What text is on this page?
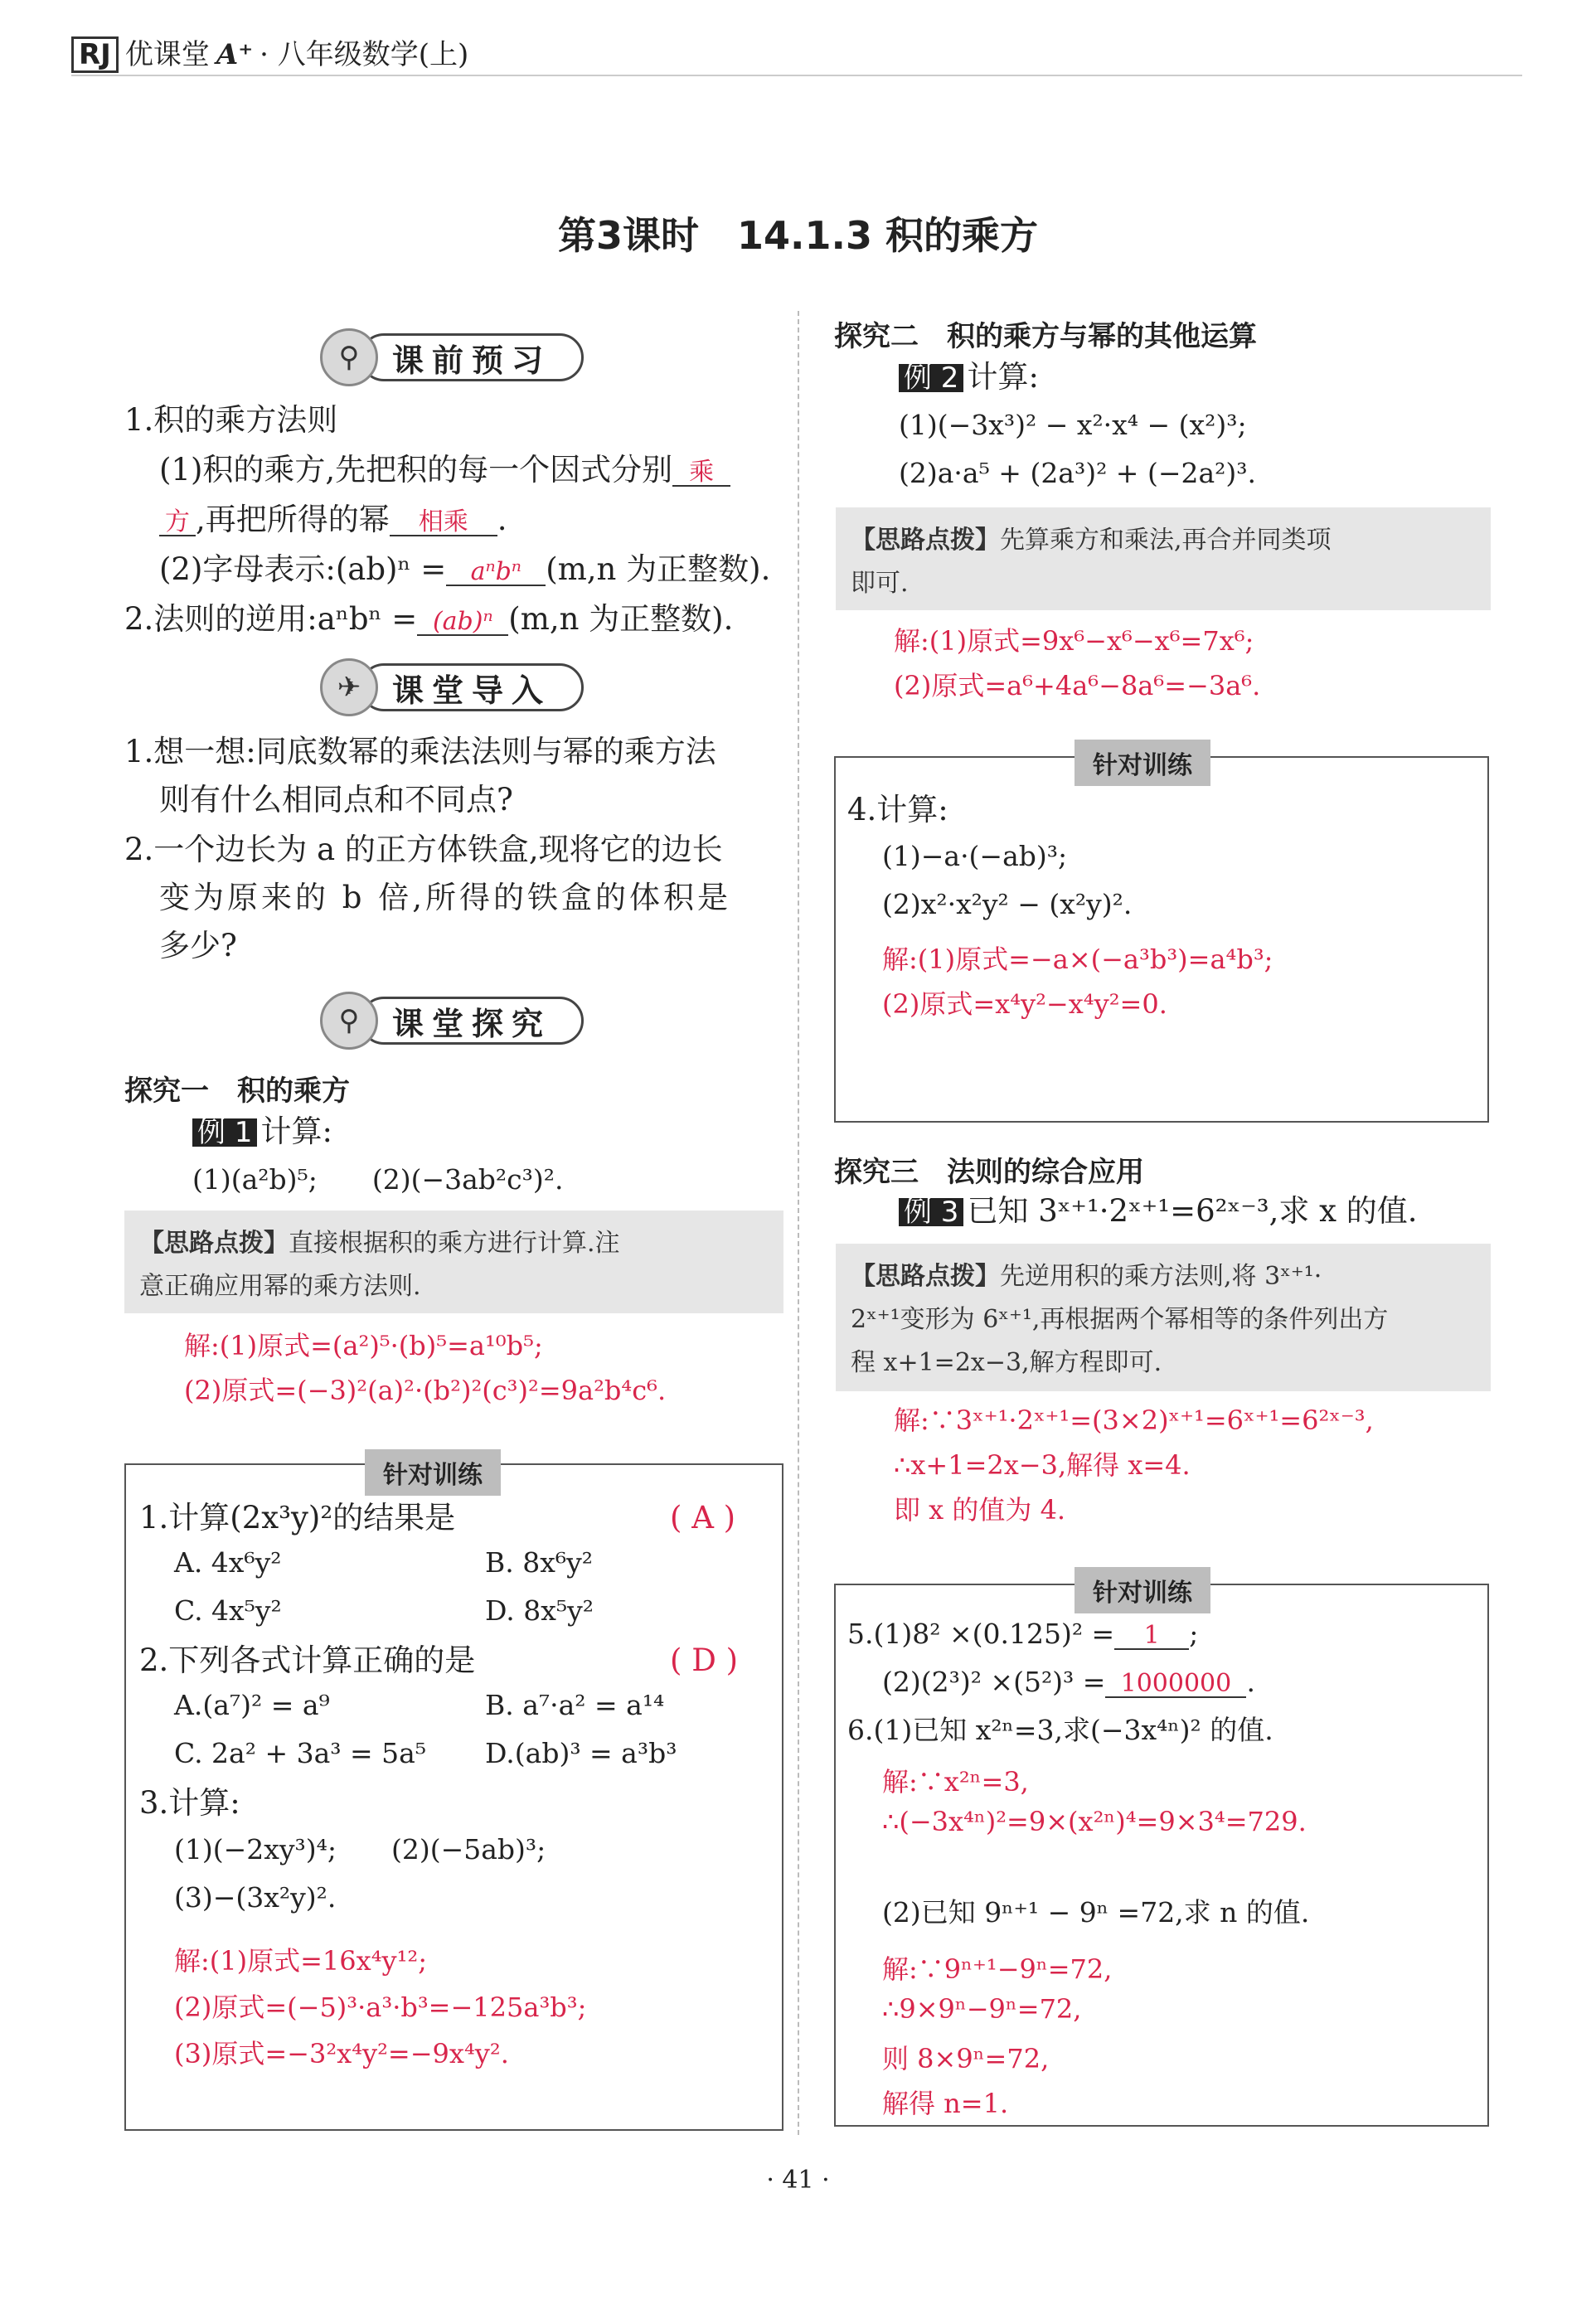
RJ 优课堂 A⁺ · 八年级数学(上)
第3课时　14.1.3 积的乘方
课前预习
⚲
1.积的乘方法则
(1)积的乘方,先把积的每一个因式分别 乘
方 ,再把所得的幂 相乘 .
(2)字母表示:(ab)ⁿ = aⁿbⁿ (m,n 为正整数).
2.法则的逆用:aⁿbⁿ = (ab)ⁿ (m,n 为正整数).
课堂导入
✈
1.想一想:同底数幂的乘法法则与幂的乘方法
则有什么相同点和不同点?
2.一个边长为 a 的正方体铁盒,现将它的边长
变为原来的 b 倍,所得的铁盒的体积是
多少?
课堂探究
⚲
探究一　积的乘方
例 1 计算:
(1)(a²b)⁵;　　(2)(−3ab²c³)².
【思路点拨】直接根据积的乘方进行计算.注
意正确应用幂的乘方法则.
解:(1)原式=(a²)⁵·(b)⁵=a¹⁰b⁵;
(2)原式=(−3)²(a)²·(b²)²(c³)²=9a²b⁴c⁶.
针对训练
1.计算(2x³y)²的结果是	( A )
A. 4x⁶y²	B. 8x⁶y²
C. 4x⁵y²	D. 8x⁵y²
2.下列各式计算正确的是	( D )
A.(a⁷)² = a⁹	B. a⁷·a² = a¹⁴
C. 2a² + 3a³ = 5a⁵ D.(ab)³ = a³b³
3.计算:
(1)(−2xy³)⁴;　　(2)(−5ab)³;
(3)−(3x²y)².
解:(1)原式=16x⁴y¹²;
(2)原式=(−5)³·a³·b³=−125a³b³;
(3)原式=−3²x⁴y²=−9x⁴y².
探究二　积的乘方与幂的其他运算
例 2 计算:
(1)(−3x³)² − x²·x⁴ − (x²)³;
(2)a·a⁵ + (2a³)² + (−2a²)³.
【思路点拨】先算乘方和乘法,再合并同类项
即可.
解:(1)原式=9x⁶−x⁶−x⁶=7x⁶;
(2)原式=a⁶+4a⁶−8a⁶=−3a⁶.
针对训练
4.计算:
(1)−a·(−ab)³;
(2)x²·x²y² − (x²y)².
解:(1)原式=−a×(−a³b³)=a⁴b³;
(2)原式=x⁴y²−x⁴y²=0.
探究三　法则的综合应用
例 3 已知 3ˣ⁺¹·2ˣ⁺¹=6²ˣ⁻³,求 x 的值.
【思路点拨】先逆用积的乘方法则,将 3ˣ⁺¹·
2ˣ⁺¹变形为 6ˣ⁺¹,再根据两个幂相等的条件列出方
程 x+1=2x−3,解方程即可.
解:∵3ˣ⁺¹·2ˣ⁺¹=(3×2)ˣ⁺¹=6ˣ⁺¹=6²ˣ⁻³,
∴x+1=2x−3,解得 x=4.
即 x 的值为 4.
针对训练
5.(1)8² ×(0.125)² = 1 ;
(2)(2³)² ×(5²)³ = 1000000 .
6.(1)已知 x²ⁿ=3,求(−3x⁴ⁿ)² 的值.
解:∵x²ⁿ=3,
∴(−3x⁴ⁿ)²=9×(x²ⁿ)⁴=9×3⁴=729.
(2)已知 9ⁿ⁺¹ − 9ⁿ =72,求 n 的值.
解:∵9ⁿ⁺¹−9ⁿ=72,
∴9×9ⁿ−9ⁿ=72,
则 8×9ⁿ=72,
解得 n=1.
· 41 ·
